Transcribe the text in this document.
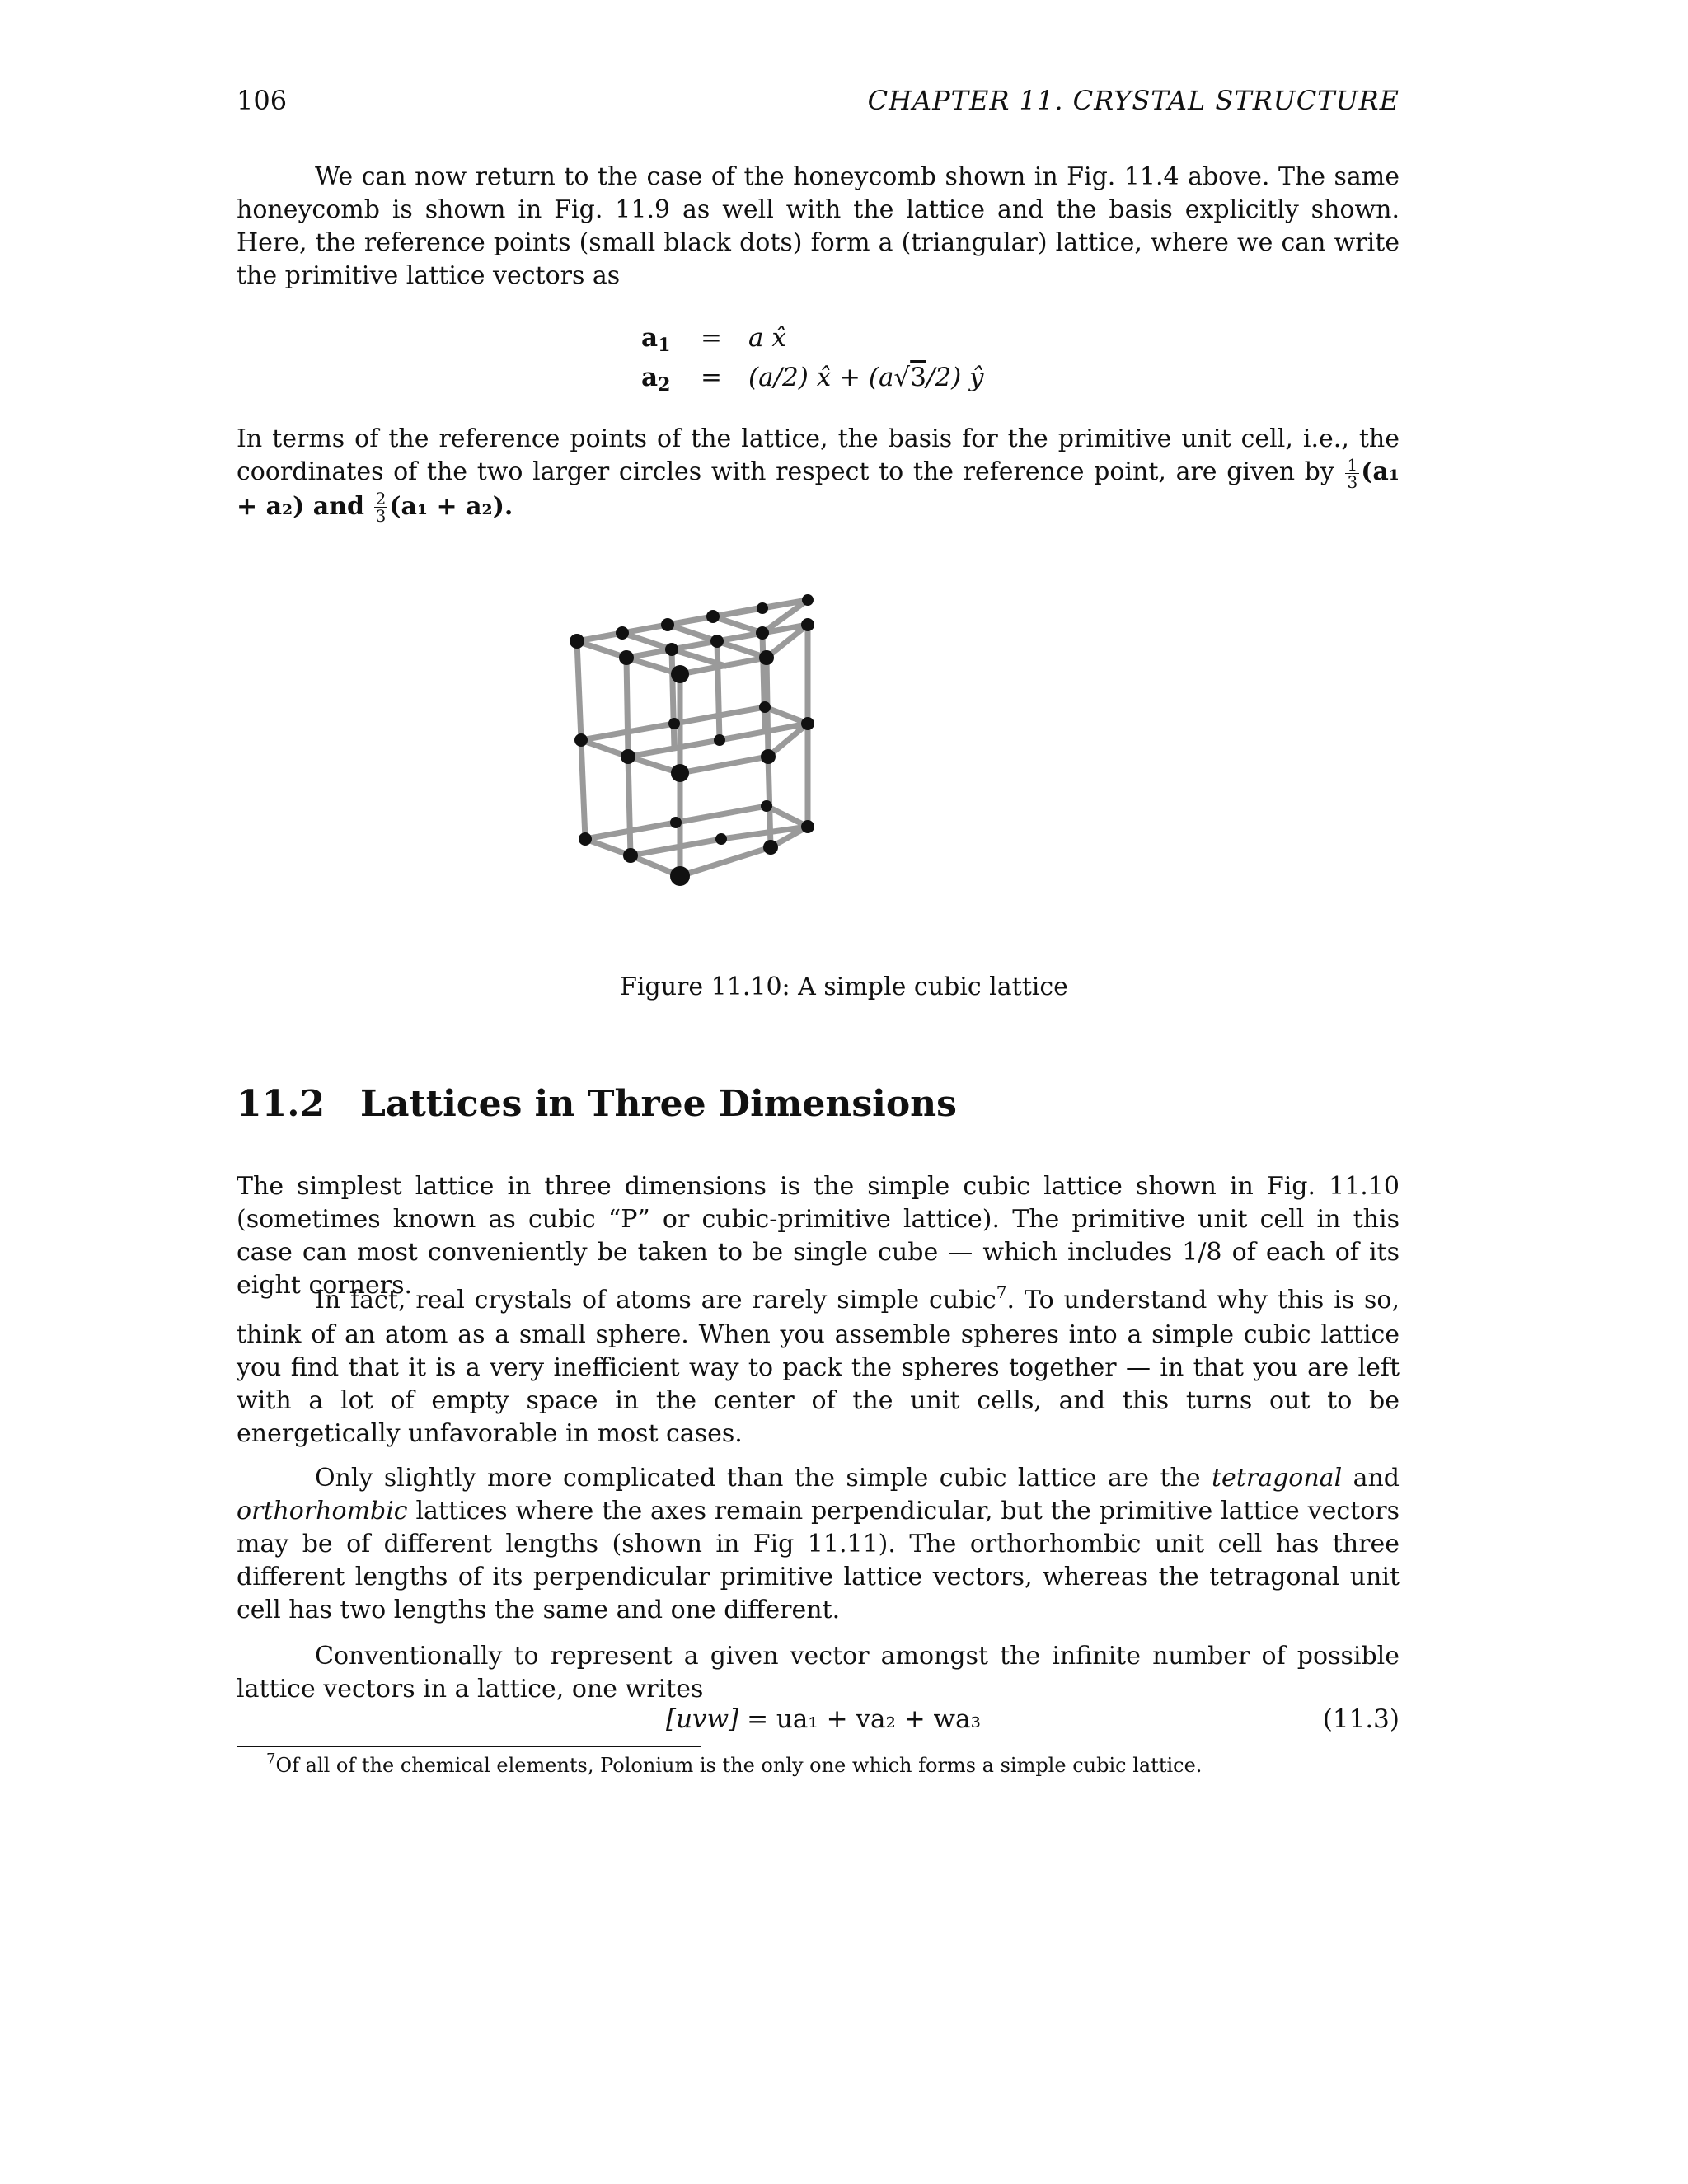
106	CHAPTER 11. CRYSTAL STRUCTURE

We can now return to the case of the honeycomb shown in Fig. 11.4 above. The same honeycomb is shown in Fig. 11.9 as well with the lattice and the basis explicitly shown. Here, the reference points (small black dots) form a (triangular) lattice, where we can write the primitive lattice vectors as

a1 = a x̂
a2 = (a/2) x̂ + (a√3/2) ŷ

In terms of the reference points of the lattice, the basis for the primitive unit cell, i.e., the coordinates of the two larger circles with respect to the reference point, are given by $\frac{1}{3} (a_1 + a_2)$ and $\frac{2}{3} (a_1 + a_2)$.

Figure 11.10: A simple cubic lattice
11.2 Lattices in Three Dimensions

The simplest lattice in three dimensions is the simple cubic lattice shown in Fig. 11.10 (sometimes known as cubic “P” or cubic-primitive lattice). The primitive unit cell in this case can most conveniently be taken to be single cube — which includes 1/8 of each of its eight corners.

In fact, real crystals of atoms are rarely simple cubic$^7$. To understand why this is so, think of an atom as a small sphere. When you assemble spheres into a simple cubic lattice you find that it is a very inefficient way to pack the spheres together — in that you are left with a lot of empty space in the center of the unit cells, and this turns out to be energetically unfavorable in most cases.

Only slightly more complicated than the simple cubic lattice are the tetragonal and orthorhombic lattices where the axes remain perpendicular, but the primitive lattice vectors may be of different lengths (shown in Fig 11.11). The orthorhombic unit cell has three different lengths of its perpendicular primitive lattice vectors, whereas the tetragonal unit cell has two lengths the same and one different.

Conventionally to represent a given vector amongst the infinite number of possible lattice vectors in a lattice, one writes

[uvw] = ua₁ + va₂ + wa₃	(11.3)
$^7$Of all of the chemical elements, Polonium is the only one which forms a simple cubic lattice.
